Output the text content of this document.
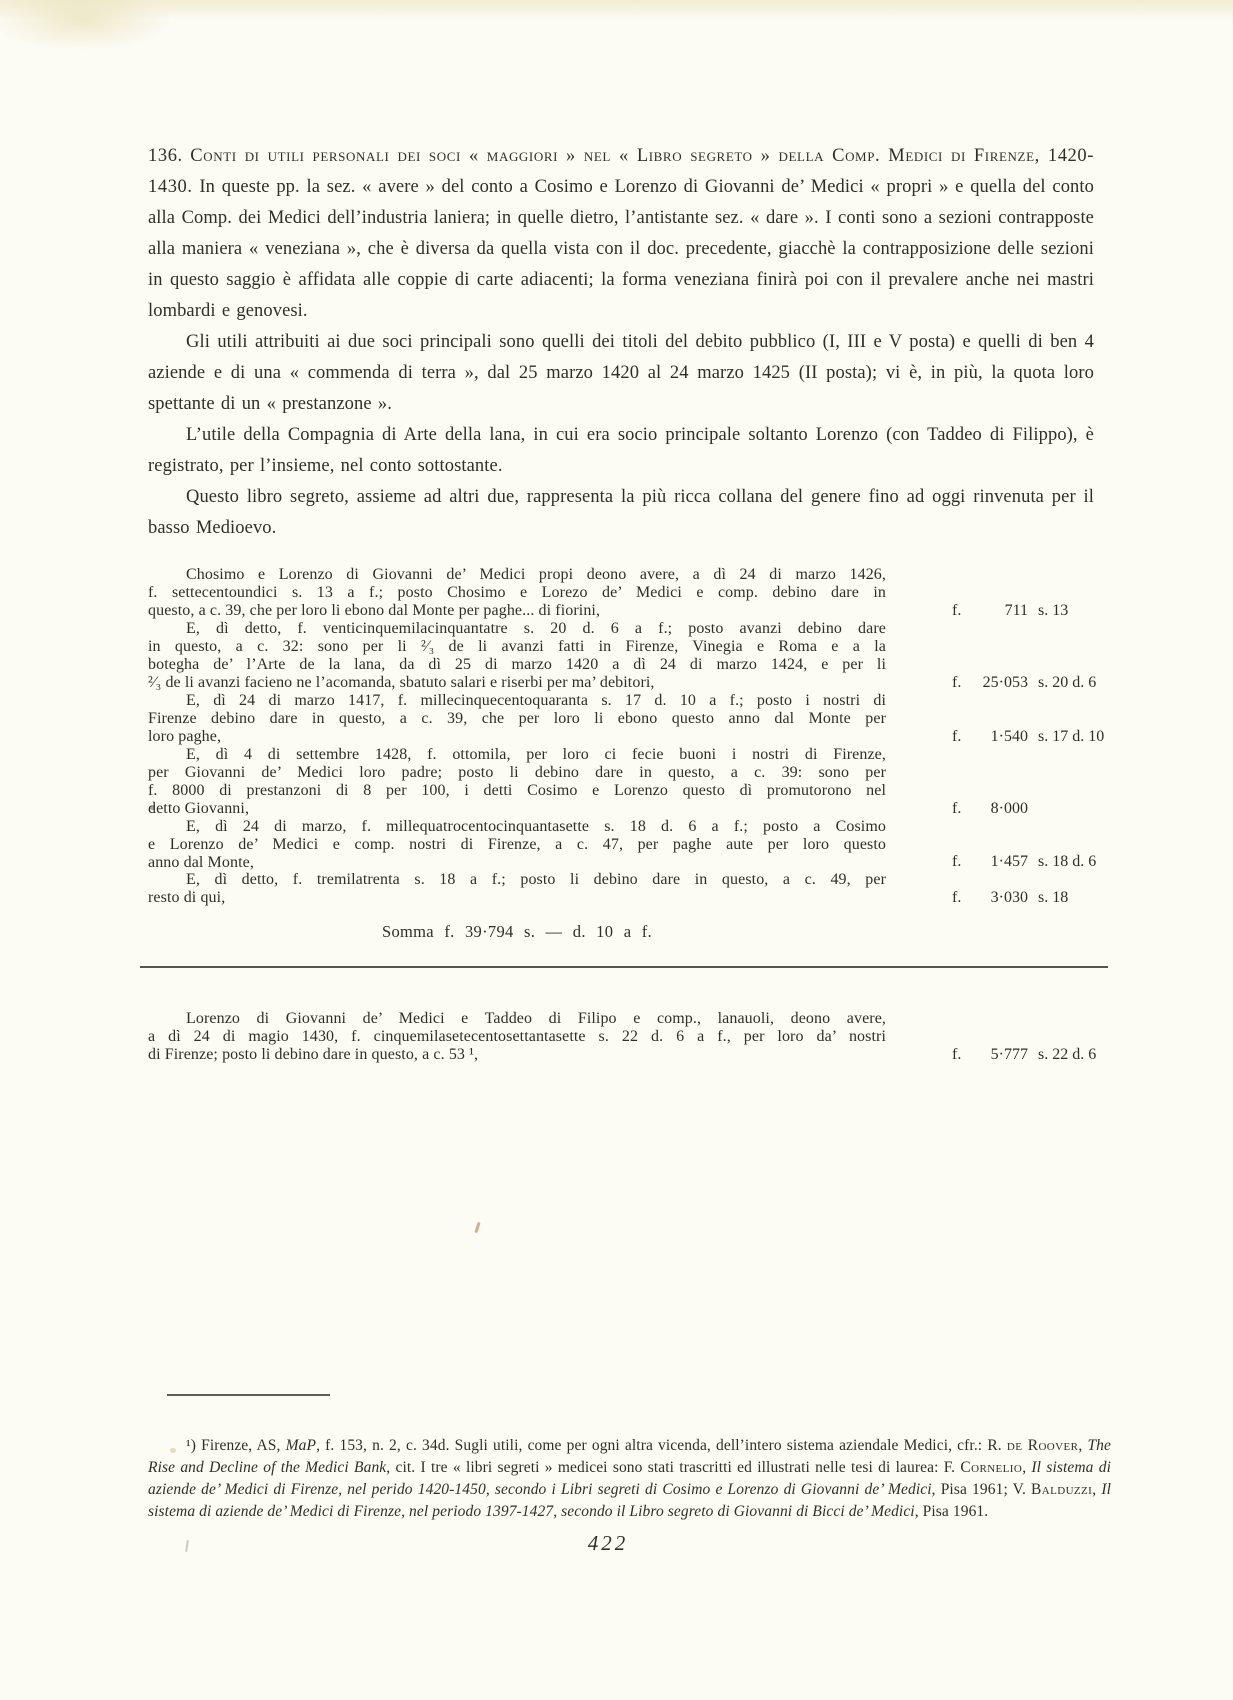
136. Conti di utili personali dei soci « maggiori » nel « Libro segreto » della Comp. Medici di Firenze, 1420-1430. In queste pp. la sez. « avere » del conto a Cosimo e Lorenzo di Giovanni de’ Medici « propri » e quella del conto alla Comp. dei Medici dell’industria laniera; in quelle dietro, l’antistante sez. « dare ». I conti sono a sezioni contrapposte alla maniera « veneziana », che è diversa da quella vista con il doc. precedente, giacchè la contrapposizione delle sezioni in questo saggio è affidata alle coppie di carte adiacenti; la forma veneziana finirà poi con il prevalere anche nei mastri lombardi e genovesi.

Gli utili attribuiti ai due soci principali sono quelli dei titoli del debito pubblico (I, III e V posta) e quelli di ben 4 aziende e di una « commenda di terra », dal 25 marzo 1420 al 24 marzo 1425 (II posta); vi è, in più, la quota loro spettante di un « prestanzone ».

L’utile della Compagnia di Arte della lana, in cui era socio principale soltanto Lorenzo (con Taddeo di Filippo), è registrato, per l’insieme, nel conto sottostante.

Questo libro segreto, assieme ad altri due, rappresenta la più ricca collana del genere fino ad oggi rinvenuta per il basso Medioevo.

Chosimo e Lorenzo di Giovanni de’ Medici propi deono avere, a dì 24 di marzo 1426,
f. settecentoundici s. 13 a f.; posto Chosimo e Lorezo de’ Medici e comp. debino dare in
questo, a c. 39, che per loro li ebono dal Monte per paghe... di fiorini,	f.	711 s. 13
E, dì detto, f. venticinquemilacinquantatre s. 20 d. 6 a f.; posto avanzi debino dare
in questo, a c. 32: sono per li ²⁄₃ de li avanzi fatti in Firenze, Vinegia e Roma e a la
botegha de’ l’Arte de la lana, da dì 25 di marzo 1420 a dì 24 di marzo 1424, e per li
²⁄₃ de li avanzi facieno ne l’acomanda, sbatuto salari e riserbi per ma’ debitori,	f.	25·053 s. 20 d. 6
E, dì 24 di marzo 1417, f. millecinquecentoquaranta s. 17 d. 10 a f.; posto i nostri di
Firenze debino dare in questo, a c. 39, che per loro li ebono questo anno dal Monte per
loro paghe,	f.	1·540 s. 17 d. 10
E, dì 4 di settembre 1428, f. ottomila, per loro ci fecie buoni i nostri di Firenze,
per Giovanni de’ Medici loro padre; posto li debino dare in questo, a c. 39: sono per
f. 8000 di prestanzoni di 8 per 100, i detti Cosimo e Lorenzo questo dì promutorono nel
detto Giovanni,	f.	8·000
E, dì 24 di marzo, f. millequatrocentocinquantasette s. 18 d. 6 a f.; posto a Cosimo
e Lorenzo de’ Medici e comp. nostri di Firenze, a c. 47, per paghe aute per loro questo
anno dal Monte,	f.	1·457 s. 18 d. 6
E, dì detto, f. tremilatrenta s. 18 a f.; posto li debino dare in questo, a c. 49, per
resto di qui,	f.	3·030 s. 18
Somma f. 39·794 s. — d. 10 a f.
Lorenzo di Giovanni de’ Medici e Taddeo di Filipo e comp., lanauoli, deono avere,
a dì 24 di magio 1430, f. cinquemilasetecentosettantasette s. 22 d. 6 a f., per loro da’ nostri
di Firenze; posto li debino dare in questo, a c. 53 ¹,	f.	5·777 s. 22 d. 6

¹) Firenze, AS, MaP, f. 153, n. 2, c. 34d. Sugli utili, come per ogni altra vicenda, dell’intero sistema aziendale Medici, cfr.: R. de Roover, The Rise and Decline of the Medici Bank, cit. I tre « libri segreti » medicei sono stati trascritti ed illustrati nelle tesi di laurea: F. Cornelio, Il sistema di aziende de’ Medici di Firenze, nel perido 1420-1450, secondo i Libri segreti di Cosimo e Lorenzo di Giovanni de’ Medici, Pisa 1961; V. Balduzzi, Il sistema di aziende de’ Medici di Firenze, nel periodo 1397-1427, secondo il Libro segreto di Giovanni di Bicci de’ Medici, Pisa 1961.

422
